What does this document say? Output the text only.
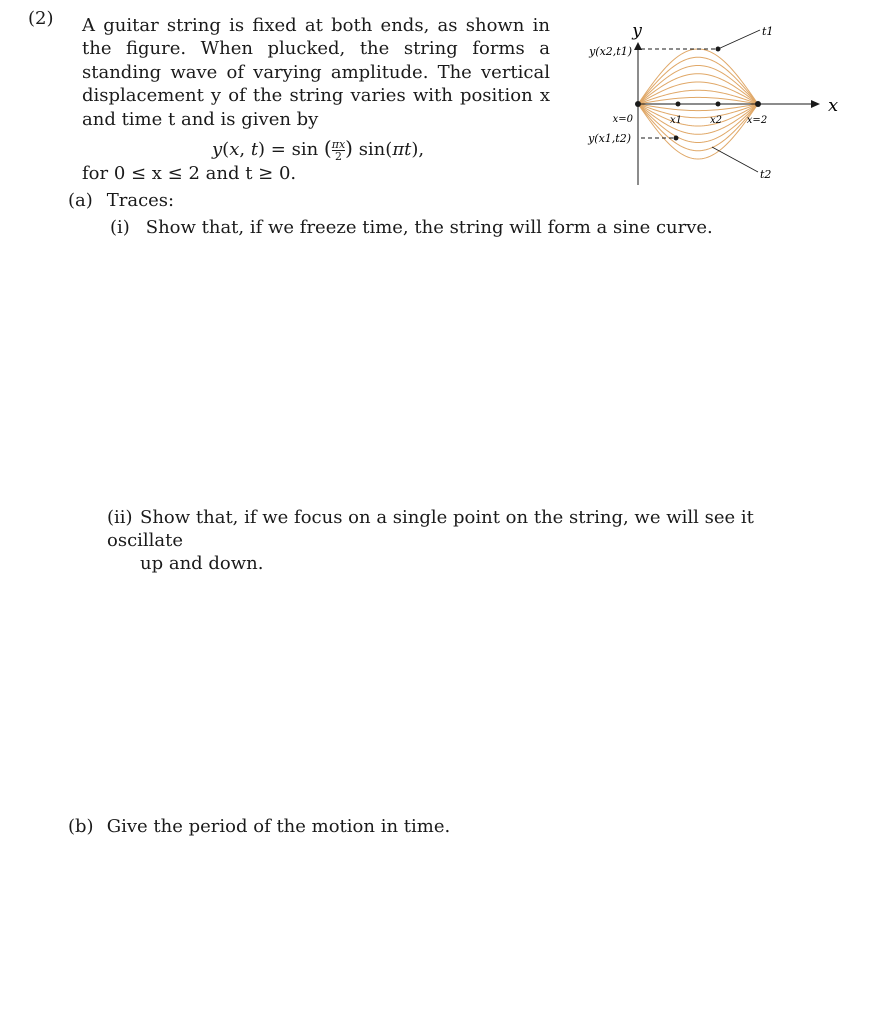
(2) A guitar string is fixed at both ends, as shown in the figure. When plucked, the string forms a standing wave of varying amplitude. The vertical displacement y of the string varies with position x and time t and is given by
y(x, t) = sin ( $\frac{\pi x}{2}$ ) sin(πt),
for 0 ≤ x ≤ 2 and t ≥ 0.
(a) Traces:
(i) Show that, if we freeze time, the string will form a sine curve.
(ii) Show that, if we focus on a single point on the string, we will see it oscillate
up and down.
(b) Give the period of the motion in time.
y
x
t1
t2
y(x2,t1)
y(x1,t2)
x=0	x1	x2 x=2
